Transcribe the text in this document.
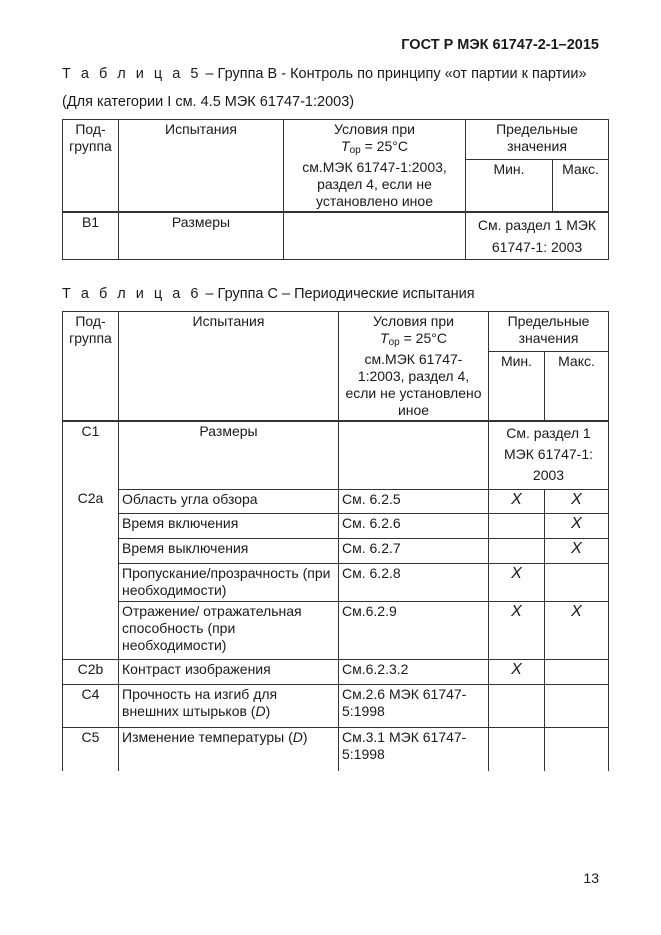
ГОСТ Р МЭК 61747-2-1–2015
Т а б л и ц а 5 – Группа В - Контроль по принципу «от партии к партии»
(Для категории I см. 4.5 МЭК 61747-1:2003)
Под-группа	Испытания	Условия при
$T_{ор} = 25^\circ C$
см.МЭК 61747-1:2003, раздел 4, если не установлено иное	Предельные значения	
			Мин.	Макс.
B1	Размеры		См. раздел 1 МЭК 61747-1: 2003	
Т а б л и ц а 6 – Группа С – Периодические испытания
Под-группа	Испытания	Условия при
$T_{ор} = 25^\circ C$
см.МЭК 61747-1:2003, раздел 4, если не установлено иное	Предельные значения	
			Мин.	Макс.
C1	Размеры		См. раздел 1 МЭК 61747-1: 2003	
C2a	Область угла обзора	См. 6.2.5	X	X
	Время включения	См. 6.2.6		X
	Время выключения	См. 6.2.7		X
	Пропускание/прозрачность (при необходимости)	См. 6.2.8	X	
	Отражение/ отражательная способность (при необходимости)	См.6.2.9	X	X
C2b	Контраст изображения	См.6.2.3.2	X	
C4	Прочность на изгиб для внешних штырьков (D)	См.2.6 МЭК 61747-5:1998		
C5	Изменение температуры (D)	См.3.1 МЭК 61747-5:1998		
13
